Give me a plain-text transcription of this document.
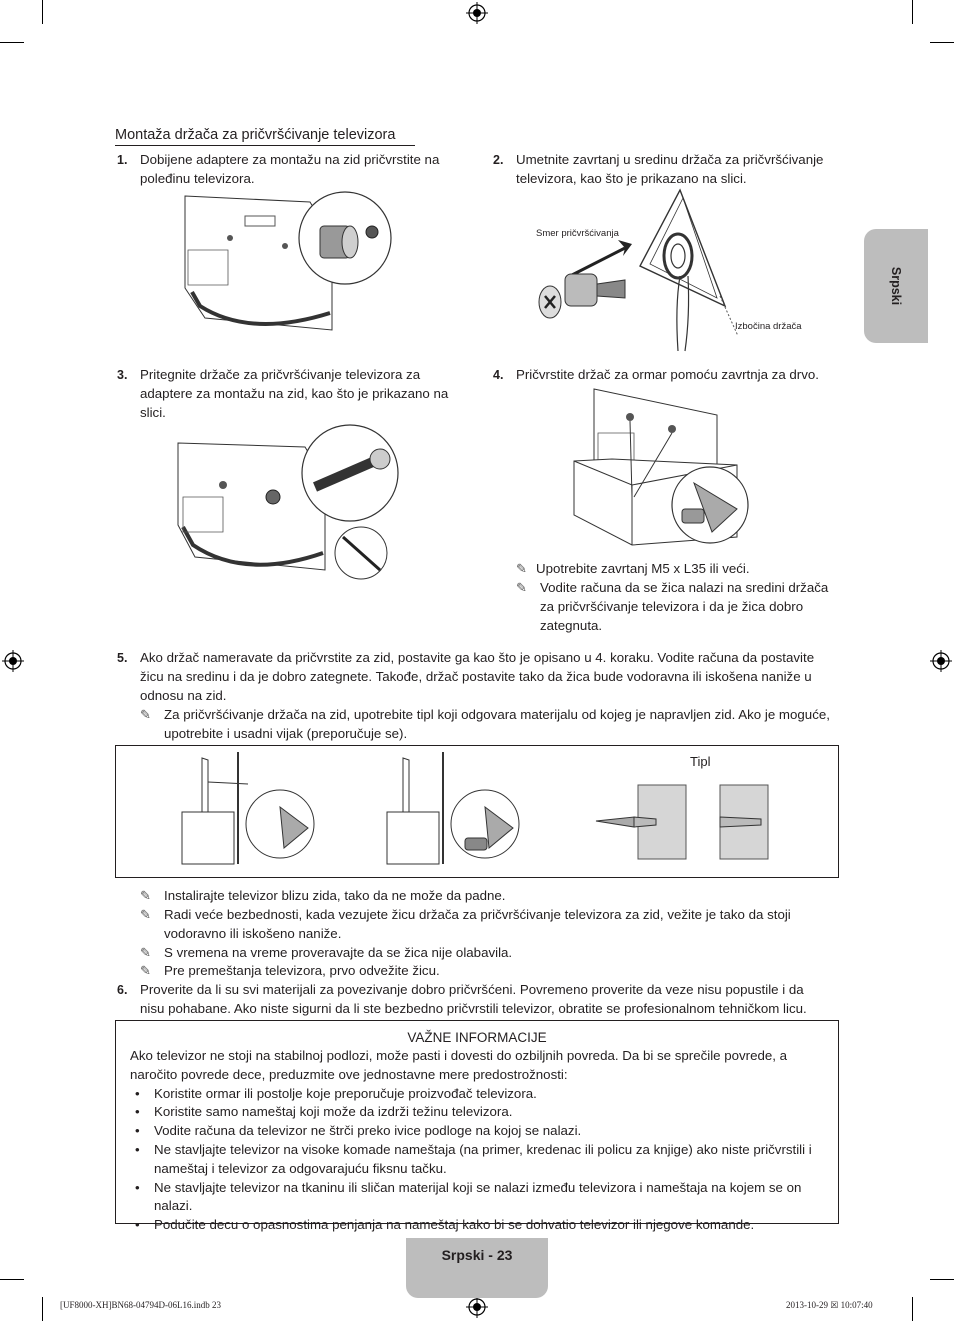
Srpski
Montaža držača za pričvršćivanje televizora
1. Dobijene adaptere za montažu na zid pričvrstite na poleđinu televizora.
2. Umetnite zavrtanj u sredinu držača za pričvršćivanje televizora, kao što je prikazano na slici.
Smer pričvršćivanja
Izbočina držača
3. Pritegnite držače za pričvršćivanje televizora za adaptere za montažu na zid, kao što je prikazano na slici.
4. Pričvrstite držač za ormar pomoću zavrtnja za drvo.
✎ Upotrebite zavrtanj M5 x L35 ili veći.
✎ Vodite računa da se žica nalazi na sredini držača za pričvršćivanje televizora i da je žica dobro zategnuta.
5. Ako držač nameravate da pričvrstite za zid, postavite ga kao što je opisano u 4. koraku. Vodite računa da postavite žicu na sredinu i da je dobro zategnete. Takođe, držač postavite tako da žica bude vodoravna ili iskošena naniže u odnosu na zid.
✎ Za pričvršćivanje držača na zid, upotrebite tipl koji odgovara materijalu od kojeg je napravljen zid. Ako je moguće, upotrebite i usadni vijak (preporučuje se).
Tipl
✎ Instalirajte televizor blizu zida, tako da ne može da padne.
✎ Radi veće bezbednosti, kada vezujete žicu držača za pričvršćivanje televizora za zid, vežite je tako da stoji vodoravno ili iskošeno naniže.
✎ S vremena na vreme proveravajte da se žica nije olabavila.
✎ Pre premeštanja televizora, prvo odvežite žicu.
6. Proverite da li su svi materijali za povezivanje dobro pričvršćeni. Povremeno proverite da veze nisu popustile i da nisu pohabane. Ako niste sigurni da li ste bezbedno pričvrstili televizor, obratite se profesionalnom tehničkom licu.
VAŽNE INFORMACIJE
Ako televizor ne stoji na stabilnoj podlozi, može pasti i dovesti do ozbiljnih povreda. Da bi se sprečile povrede, a naročito povrede dece, preduzmite ove jednostavne mere predostrožnosti:
• Koristite ormar ili postolje koje preporučuje proizvođač televizora.
• Koristite samo nameštaj koji može da izdrži težinu televizora.
• Vodite računa da televizor ne štrči preko ivice podloge na kojoj se nalazi.
• Ne stavljajte televizor na visoke komade nameštaja (na primer, kredenac ili policu za knjige) ako niste pričvrstili i nameštaj i televizor za odgovarajuću fiksnu tačku.
• Ne stavljajte televizor na tkaninu ili sličan materijal koji se nalazi između televizora i nameštaja na kojem se on nalazi.
• Podučite decu o opasnostima penjanja na nameštaj kako bi se dohvatio televizor ili njegove komande.
Srpski - 23
[UF8000-XH]BN68-04794D-06L16.indb 23	2013-10-29 ☒ 10:07:40
